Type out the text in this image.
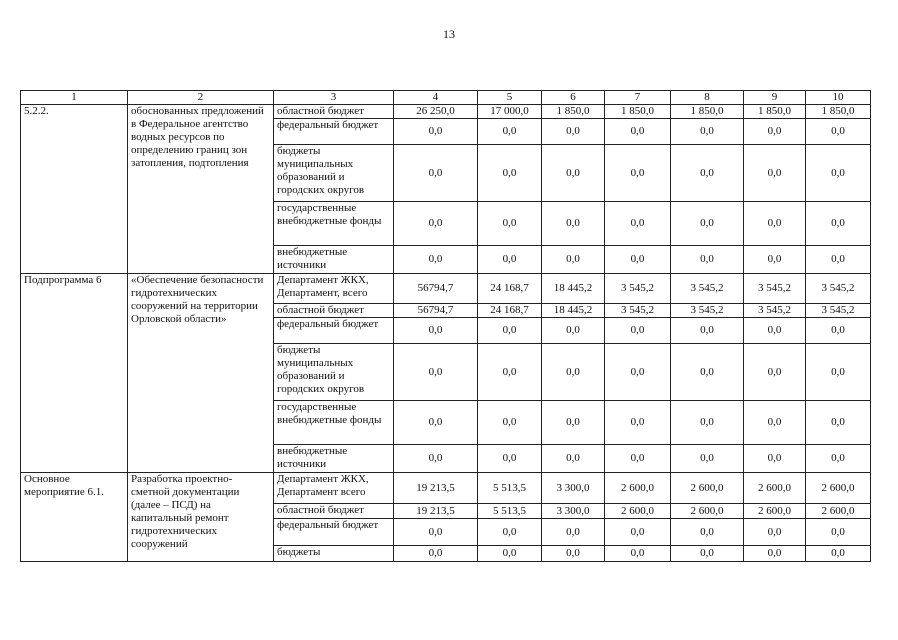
13
1	2	3	4	5	6	7	8	9	10
5.2.2.	обоснованных предложений в Федеральное агентство водных ресурсов по определению границ зон затопления, подтопления	областной бюджет	26 250,0	17 000,0	1 850,0	1 850,0	1 850,0	1 850,0	1 850,0
		федеральный бюджет	0,0	0,0	0,0	0,0	0,0	0,0	0,0
		бюджеты муниципальных образований и городских округов	0,0	0,0	0,0	0,0	0,0	0,0	0,0
		государственные внебюджетные фонды	0,0	0,0	0,0	0,0	0,0	0,0	0,0
		внебюджетные источники	0,0	0,0	0,0	0,0	0,0	0,0	0,0
Подпрограмма 6	«Обеспечение безопасности гидротехнических сооружений на территории Орловской области»	Департамент ЖКХ, Департамент, всего	56794,7	24 168,7	18 445,2	3 545,2	3 545,2	3 545,2	3 545,2
		областной бюджет	56794,7	24 168,7	18 445,2	3 545,2	3 545,2	3 545,2	3 545,2
		федеральный бюджет	0,0	0,0	0,0	0,0	0,0	0,0	0,0
		бюджеты муниципальных образований и городских округов	0,0	0,0	0,0	0,0	0,0	0,0	0,0
		государственные внебюджетные фонды	0,0	0,0	0,0	0,0	0,0	0,0	0,0
		внебюджетные источники	0,0	0,0	0,0	0,0	0,0	0,0	0,0
Основное мероприятие 6.1.	Разработка проектно-сметной документации (далее – ПСД) на капитальный ремонт гидротехнических сооружений	Департамент ЖКХ, Департамент всего	19 213,5	5 513,5	3 300,0	2 600,0	2 600,0	2 600,0	2 600,0
		областной бюджет	19 213,5	5 513,5	3 300,0	2 600,0	2 600,0	2 600,0	2 600,0
		федеральный бюджет	0,0	0,0	0,0	0,0	0,0	0,0	0,0
		бюджеты	0,0	0,0	0,0	0,0	0,0	0,0	0,0
